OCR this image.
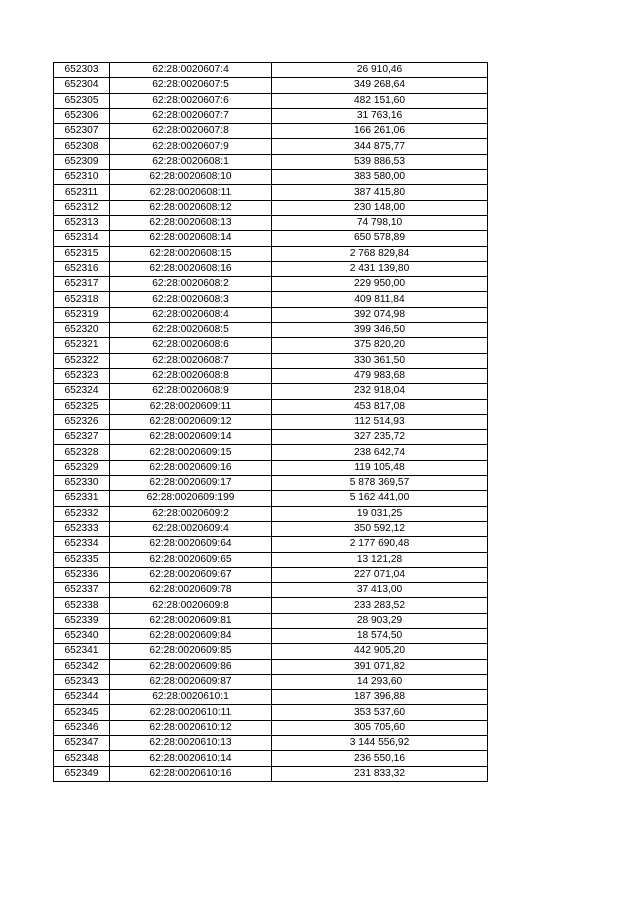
652303	62:28:0020607:4	26 910,46
652304	62:28:0020607:5	349 268,64
652305	62:28:0020607:6	482 151,60
652306	62:28:0020607:7	31 763,16
652307	62:28:0020607:8	166 261,06
652308	62:28:0020607:9	344 875,77
652309	62:28:0020608:1	539 886,53
652310	62:28:0020608:10	383 580,00
652311	62:28:0020608:11	387 415,80
652312	62:28:0020608:12	230 148,00
652313	62:28:0020608:13	74 798,10
652314	62:28:0020608:14	650 578,89
652315	62:28:0020608:15	2 768 829,84
652316	62:28:0020608:16	2 431 139,80
652317	62:28:0020608:2	229 950,00
652318	62:28:0020608:3	409 811,84
652319	62:28:0020608:4	392 074,98
652320	62:28:0020608:5	399 346,50
652321	62:28:0020608:6	375 820,20
652322	62:28:0020608:7	330 361,50
652323	62:28:0020608:8	479 983,68
652324	62:28:0020608:9	232 918,04
652325	62:28:0020609:11	453 817,08
652326	62:28:0020609:12	112 514,93
652327	62:28:0020609:14	327 235,72
652328	62:28:0020609:15	238 642,74
652329	62:28:0020609:16	119 105,48
652330	62:28:0020609:17	5 878 369,57
652331	62:28:0020609:199	5 162 441,00
652332	62:28:0020609:2	19 031,25
652333	62:28:0020609:4	350 592,12
652334	62:28:0020609:64	2 177 690,48
652335	62:28:0020609:65	13 121,28
652336	62:28:0020609:67	227 071,04
652337	62:28:0020609:78	37 413,00
652338	62:28:0020609:8	233 283,52
652339	62:28:0020609:81	28 903,29
652340	62:28:0020609:84	18 574,50
652341	62:28:0020609:85	442 905,20
652342	62:28:0020609:86	391 071,82
652343	62:28:0020609:87	14 293,60
652344	62:28:0020610:1	187 396,88
652345	62:28:0020610:11	353 537,60
652346	62:28:0020610:12	305 705,60
652347	62:28:0020610:13	3 144 556,92
652348	62:28:0020610:14	236 550,16
652349	62:28:0020610:16	231 833,32
